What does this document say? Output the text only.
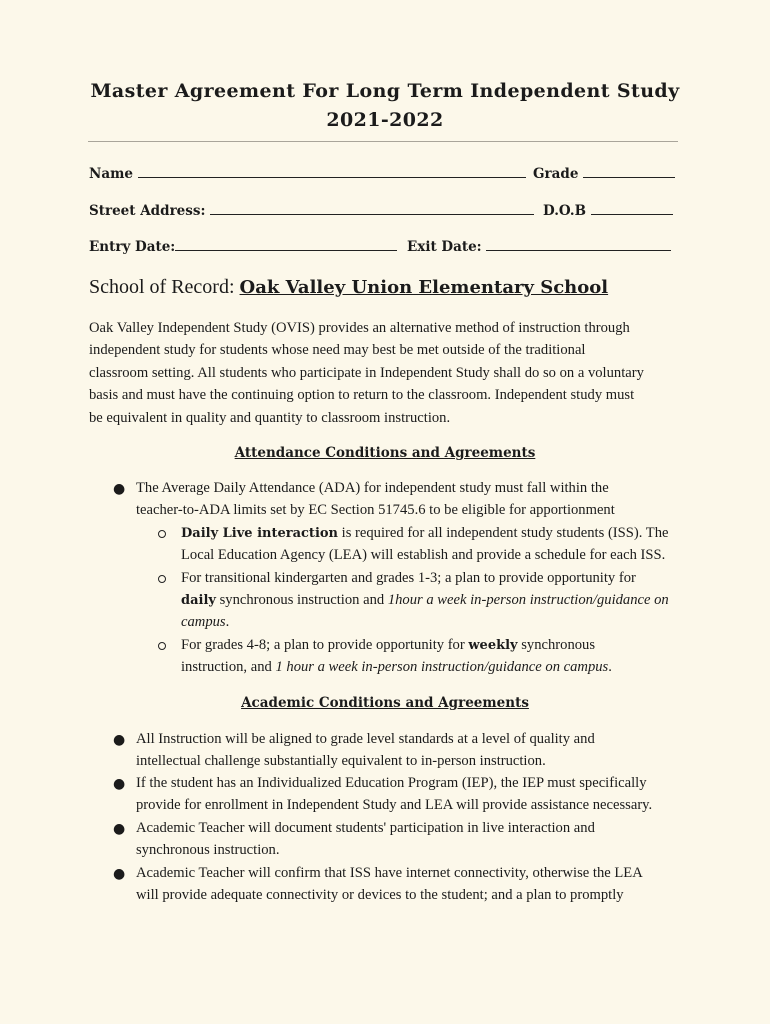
Master Agreement For Long Term Independent Study
2021-2022
Name	Grade
Street Address:	D.O.B
Entry Date:	Exit Date:
School of Record: Oak Valley Union Elementary School
Oak Valley Independent Study (OVIS) provides an alternative method of instruction through
independent study for students whose need may best be met outside of the traditional
classroom setting. All students who participate in Independent Study shall do so on a voluntary
basis and must have the continuing option to return to the classroom. Independent study must
be equivalent in quality and quantity to classroom instruction.
Attendance Conditions and Agreements
● The Average Daily Attendance (ADA) for independent study must fall within the
teacher-to-ADA limits set by EC Section 51745.6 to be eligible for apportionment
Daily Live interaction is required for all independent study students (ISS). The
Local Education Agency (LEA) will establish and provide a schedule for each ISS.
For transitional kindergarten and grades 1-3; a plan to provide opportunity for
daily synchronous instruction and 1hour a week in-person instruction/guidance on
campus.
For grades 4-8; a plan to provide opportunity for weekly synchronous
instruction, and 1 hour a week in-person instruction/guidance on campus.
Academic Conditions and Agreements
● All Instruction will be aligned to grade level standards at a level of quality and
intellectual challenge substantially equivalent to in-person instruction.
● If the student has an Individualized Education Program (IEP), the IEP must specifically
provide for enrollment in Independent Study and LEA will provide assistance necessary.
● Academic Teacher will document students' participation in live interaction and
synchronous instruction.
● Academic Teacher will confirm that ISS have internet connectivity, otherwise the LEA
will provide adequate connectivity or devices to the student; and a plan to promptly
